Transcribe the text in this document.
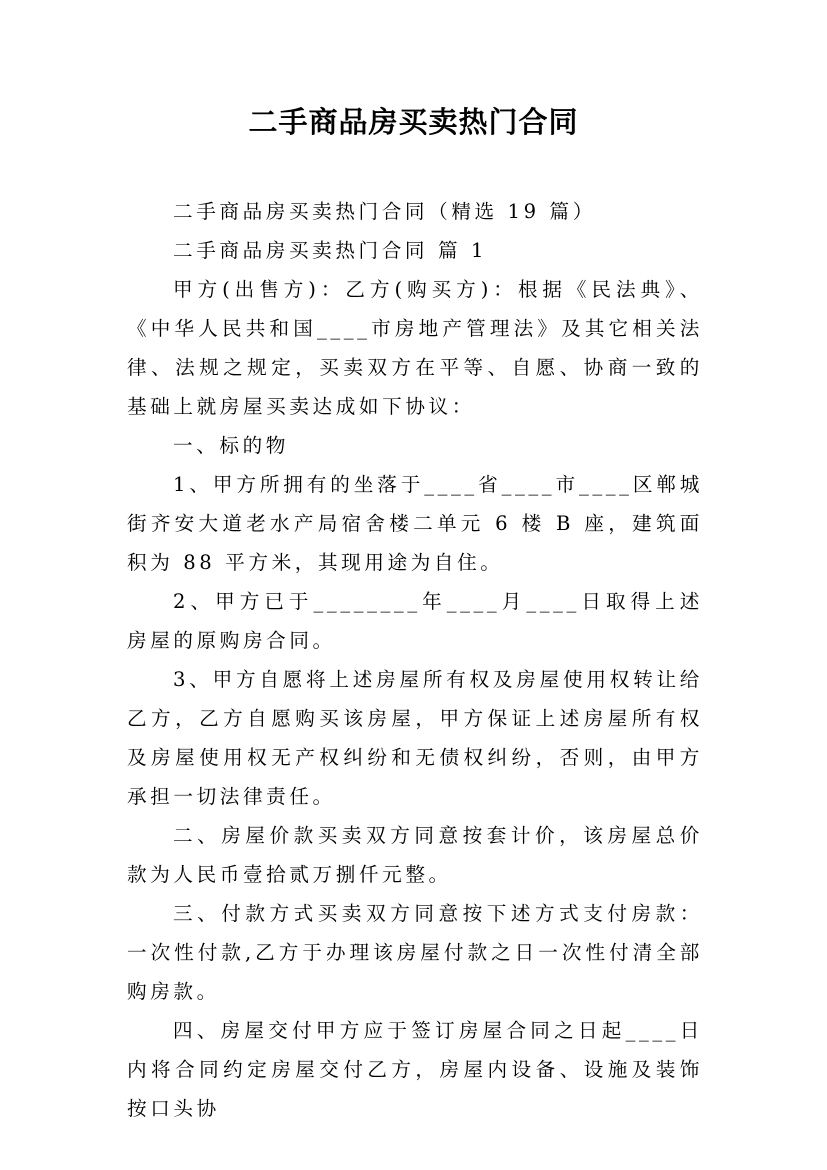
二手商品房买卖热门合同

二手商品房买卖热门合同（精选 19 篇）

二手商品房买卖热门合同 篇 1

甲方(出售方)：乙方(购买方)：根据《民法典》、《中华人民共和国____市房地产管理法》及其它相关法律、法规之规定，买卖双方在平等、自愿、协商一致的基础上就房屋买卖达成如下协议：

一、标的物

1、甲方所拥有的坐落于____省____市____区郸城街齐安大道老水产局宿舍楼二单元 6 楼 B 座，建筑面积为 88 平方米，其现用途为自住。

2、甲方已于________年____月____日取得上述房屋的原购房合同。

3、甲方自愿将上述房屋所有权及房屋使用权转让给乙方，乙方自愿购买该房屋，甲方保证上述房屋所有权及房屋使用权无产权纠纷和无债权纠纷，否则，由甲方承担一切法律责任。

二、房屋价款买卖双方同意按套计价，该房屋总价款为人民币壹拾贰万捌仟元整。

三、付款方式买卖双方同意按下述方式支付房款：一次性付款,乙方于办理该房屋付款之日一次性付清全部购房款。

四、房屋交付甲方应于签订房屋合同之日起____日内将合同约定房屋交付乙方，房屋内设备、设施及装饰按口头协
